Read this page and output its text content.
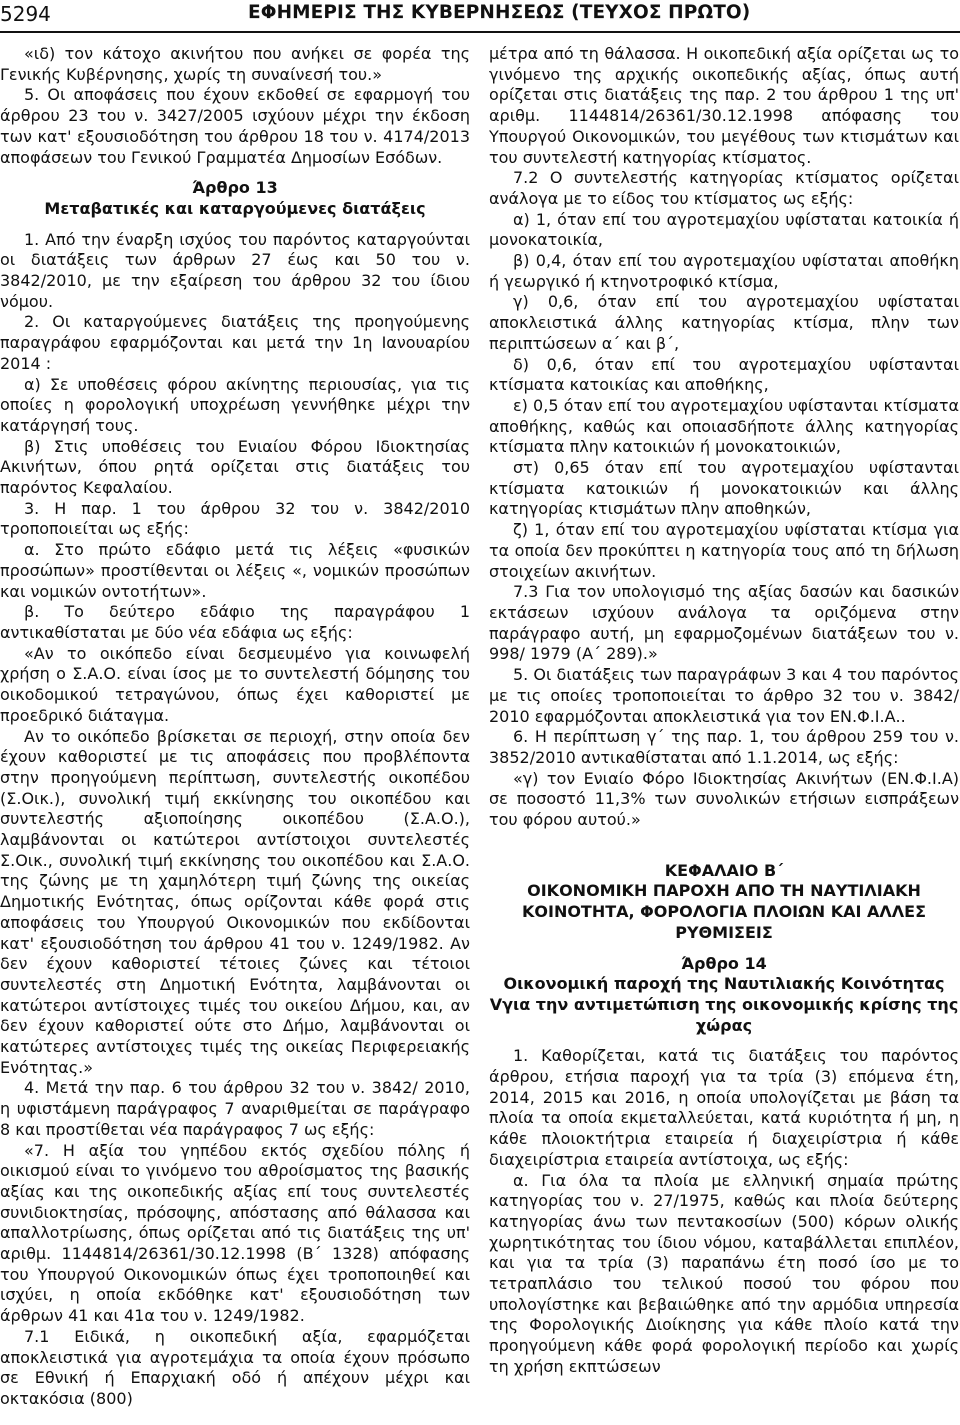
5294	ΕΦΗΜΕΡΙΣ ΤΗΣ ΚΥΒΕΡΝΗΣΕΩΣ (ΤΕΥΧΟΣ ΠΡΩΤΟ)

«ιδ) τον κάτοχο ακινήτου που ανήκει σε φορέα της Γενικής Κυβέρνησης, χωρίς τη συναίνεσή του.»

5. Οι αποφάσεις που έχουν εκδοθεί σε εφαρμογή του άρθρου 23 του ν. 3427/2005 ισχύουν μέχρι την έκδοση των κατ' εξουσιοδότηση του άρθρου 18 του ν. 4174/2013 αποφάσεων του Γενικού Γραμματέα Δημοσίων Εσόδων.

Άρθρο 13
Μεταβατικές και καταργούμενες διατάξεις

1. Από την έναρξη ισχύος του παρόντος καταργούνται οι διατάξεις των άρθρων 27 έως και 50 του ν. 3842/2010, με την εξαίρεση του άρθρου 32 του ίδιου νόμου.

2. Οι καταργούμενες διατάξεις της προηγούμενης παραγράφου εφαρμόζονται και μετά την 1η Ιανουαρίου 2014 :

α) Σε υποθέσεις φόρου ακίνητης περιουσίας, για τις οποίες η φορολογική υποχρέωση γεννήθηκε μέχρι την κατάργησή τους.

β) Στις υποθέσεις του Ενιαίου Φόρου Ιδιοκτησίας Ακινήτων, όπου ρητά ορίζεται στις διατάξεις του παρόντος Κεφαλαίου.

3. Η παρ. 1 του άρθρου 32 του ν. 3842/2010 τροποποιείται ως εξής:

α. Στο πρώτο εδάφιο μετά τις λέξεις «φυσικών προσώπων» προστίθενται οι λέξεις «, νομικών προσώπων και νομικών οντοτήτων».

β. Το δεύτερο εδάφιο της παραγράφου 1 αντικαθίσταται με δύο νέα εδάφια ως εξής:

«Αν το οικόπεδο είναι δεσμευμένο για κοινωφελή χρήση ο Σ.Α.Ο. είναι ίσος με το συντελεστή δόμησης του οικοδομικού τετραγώνου, όπως έχει καθοριστεί με προεδρικό διάταγμα.

Αν το οικόπεδο βρίσκεται σε περιοχή, στην οποία δεν έχουν καθοριστεί με τις αποφάσεις που προβλέποντα στην προηγούμενη περίπτωση, συντελεστής οικοπέδου (Σ.Οικ.), συνολική τιμή εκκίνησης του οικοπέδου και συντελεστής αξιοποίησης οικοπέδου (Σ.Α.Ο.), λαμβάνονται οι κατώτεροι αντίστοιχοι συντελεστές Σ.Οικ., συνολική τιμή εκκίνησης του οικοπέδου και Σ.Α.Ο. της ζώνης με τη χαμηλότερη τιμή ζώνης της οικείας Δημοτικής Ενότητας, όπως ορίζονται κάθε φορά στις αποφάσεις του Υπουργού Οικονομικών που εκδίδονται κατ' εξουσιοδότηση του άρθρου 41 του ν. 1249/1982. Αν δεν έχουν καθοριστεί τέτοιες ζώνες και τέτοιοι συντελεστές στη Δημοτική Ενότητα, λαμβάνονται οι κατώτεροι αντίστοιχες τιμές του οικείου Δήμου, και, αν δεν έχουν καθοριστεί ούτε στο Δήμο, λαμβάνονται οι κατώτερες αντίστοιχες τιμές της οικείας Περιφερειακής Ενότητας.»

4. Μετά την παρ. 6 του άρθρου 32 του ν. 3842/ 2010, η υφιστάμενη παράγραφος 7 αναριθμείται σε παράγραφο 8 και προστίθεται νέα παράγραφος 7 ως εξής:

«7. Η αξία του γηπέδου εκτός σχεδίου πόλης ή οικισμού είναι το γινόμενο του αθροίσματος της βασικής αξίας και της οικοπεδικής αξίας επί τους συντελεστές συνιδιοκτησίας, πρόσοψης, απόστασης από θάλασσα και απαλλοτρίωσης, όπως ορίζεται από τις διατάξεις της υπ' αριθμ. 1144814/26361/30.12.1998 (Β΄ 1328) απόφασης του Υπουργού Οικονομικών όπως έχει τροποποιηθεί και ισχύει, η οποία εκδόθηκε κατ' εξουσιοδότηση των άρθρων 41 και 41α του ν. 1249/1982.

7.1 Ειδικά, η οικοπεδική αξία, εφαρμόζεται αποκλειστικά για αγροτεμάχια τα οποία έχουν πρόσωπο σε Εθνική ή Επαρχιακή οδό ή απέχουν μέχρι και οκτακόσια (800)

μέτρα από τη θάλασσα. Η οικοπεδική αξία ορίζεται ως το γινόμενο της αρχικής οικοπεδικής αξίας, όπως αυτή ορίζεται στις διατάξεις της παρ. 2 του άρθρου 1 της υπ' αριθμ. 1144814/26361/30.12.1998 απόφασης του Υπουργού Οικονομικών, του μεγέθους των κτισμάτων και του συντελεστή κατηγορίας κτίσματος.

7.2 Ο συντελεστής κατηγορίας κτίσματος ορίζεται ανάλογα με το είδος του κτίσματος ως εξής:

α) 1, όταν επί του αγροτεμαχίου υφίσταται κατοικία ή μονοκατοικία,

β) 0,4, όταν επί του αγροτεμαχίου υφίσταται αποθήκη ή γεωργικό ή κτηνοτροφικό κτίσμα,

γ) 0,6, όταν επί του αγροτεμαχίου υφίσταται αποκλειστικά άλλης κατηγορίας κτίσμα, πλην των περιπτώσεων α΄ και β΄,

δ) 0,6, όταν επί του αγροτεμαχίου υφίστανται κτίσματα κατοικίας και αποθήκης,

ε) 0,5 όταν επί του αγροτεμαχίου υφίστανται κτίσματα αποθήκης, καθώς και οποιασδήποτε άλλης κατηγορίας κτίσματα πλην κατοικιών ή μονοκατοικιών,

στ) 0,65 όταν επί του αγροτεμαχίου υφίστανται κτίσματα κατοικιών ή μονοκατοικιών και άλλης κατηγορίας κτισμάτων πλην αποθηκών,

ζ) 1, όταν επί του αγροτεμαχίου υφίσταται κτίσμα για τα οποία δεν προκύπτει η κατηγορία τους από τη δήλωση στοιχείων ακινήτων.

7.3 Για τον υπολογισμό της αξίας δασών και δασικών εκτάσεων ισχύουν ανάλογα τα οριζόμενα στην παράγραφο αυτή, μη εφαρμοζομένων διατάξεων του ν. 998/ 1979 (Α΄ 289).»

5. Οι διατάξεις των παραγράφων 3 και 4 του παρόντος με τις οποίες τροποποιείται το άρθρο 32 του ν. 3842/ 2010 εφαρμόζονται αποκλειστικά για τον ΕΝ.Φ.Ι.Α..

6. Η περίπτωση γ΄ της παρ. 1, του άρθρου 259 του ν. 3852/2010 αντικαθίσταται από 1.1.2014, ως εξής:

«γ) τον Ενιαίο Φόρο Ιδιοκτησίας Ακινήτων (ΕΝ.Φ.Ι.Α) σε ποσοστό 11,3% των συνολικών ετήσιων εισπράξεων του φόρου αυτού.»

ΚΕΦΑΛΑΙΟ Β΄
ΟΙΚΟΝΟΜΙΚΗ ΠΑΡΟΧΗ ΑΠΟ ΤΗ ΝΑΥΤΙΛΙΑΚΗ ΚΟΙΝΟΤΗΤΑ, ΦΟΡΟΛΟΓΙΑ ΠΛΟΙΩΝ ΚΑΙ ΑΛΛΕΣ ΡΥΘΜΙΣΕΙΣ
Άρθρο 14
Οικονομική παροχή της Ναυτιλιακής Κοινότητας Vγια την αντιμετώπιση της οικονομικής κρίσης της χώρας

1. Καθορίζεται, κατά τις διατάξεις του παρόντος άρθρου, ετήσια παροχή για τα τρία (3) επόμενα έτη, 2014, 2015 και 2016, η οποία υπολογίζεται με βάση τα πλοία τα οποία εκμεταλλεύεται, κατά κυριότητα ή μη, η κάθε πλοιοκτήτρια εταιρεία ή διαχειρίστρια ή κάθε διαχειρίστρια εταιρεία αντίστοιχα, ως εξής:

α. Για όλα τα πλοία με ελληνική σημαία πρώτης κατηγορίας του ν. 27/1975, καθώς και πλοία δεύτερης κατηγορίας άνω των πεντακοσίων (500) κόρων ολικής χωρητικότητας του ίδιου νόμου, καταβάλλεται επιπλέον, και για τα τρία (3) παραπάνω έτη ποσό ίσο με το τετραπλάσιο του τελικού ποσού του φόρου που υπολογίστηκε και βεβαιώθηκε από την αρμόδια υπηρεσία της Φορολογικής Διοίκησης για κάθε πλοίο κατά την προηγούμενη κάθε φορά φορολογική περίοδο και χωρίς τη χρήση εκπτώσεων
